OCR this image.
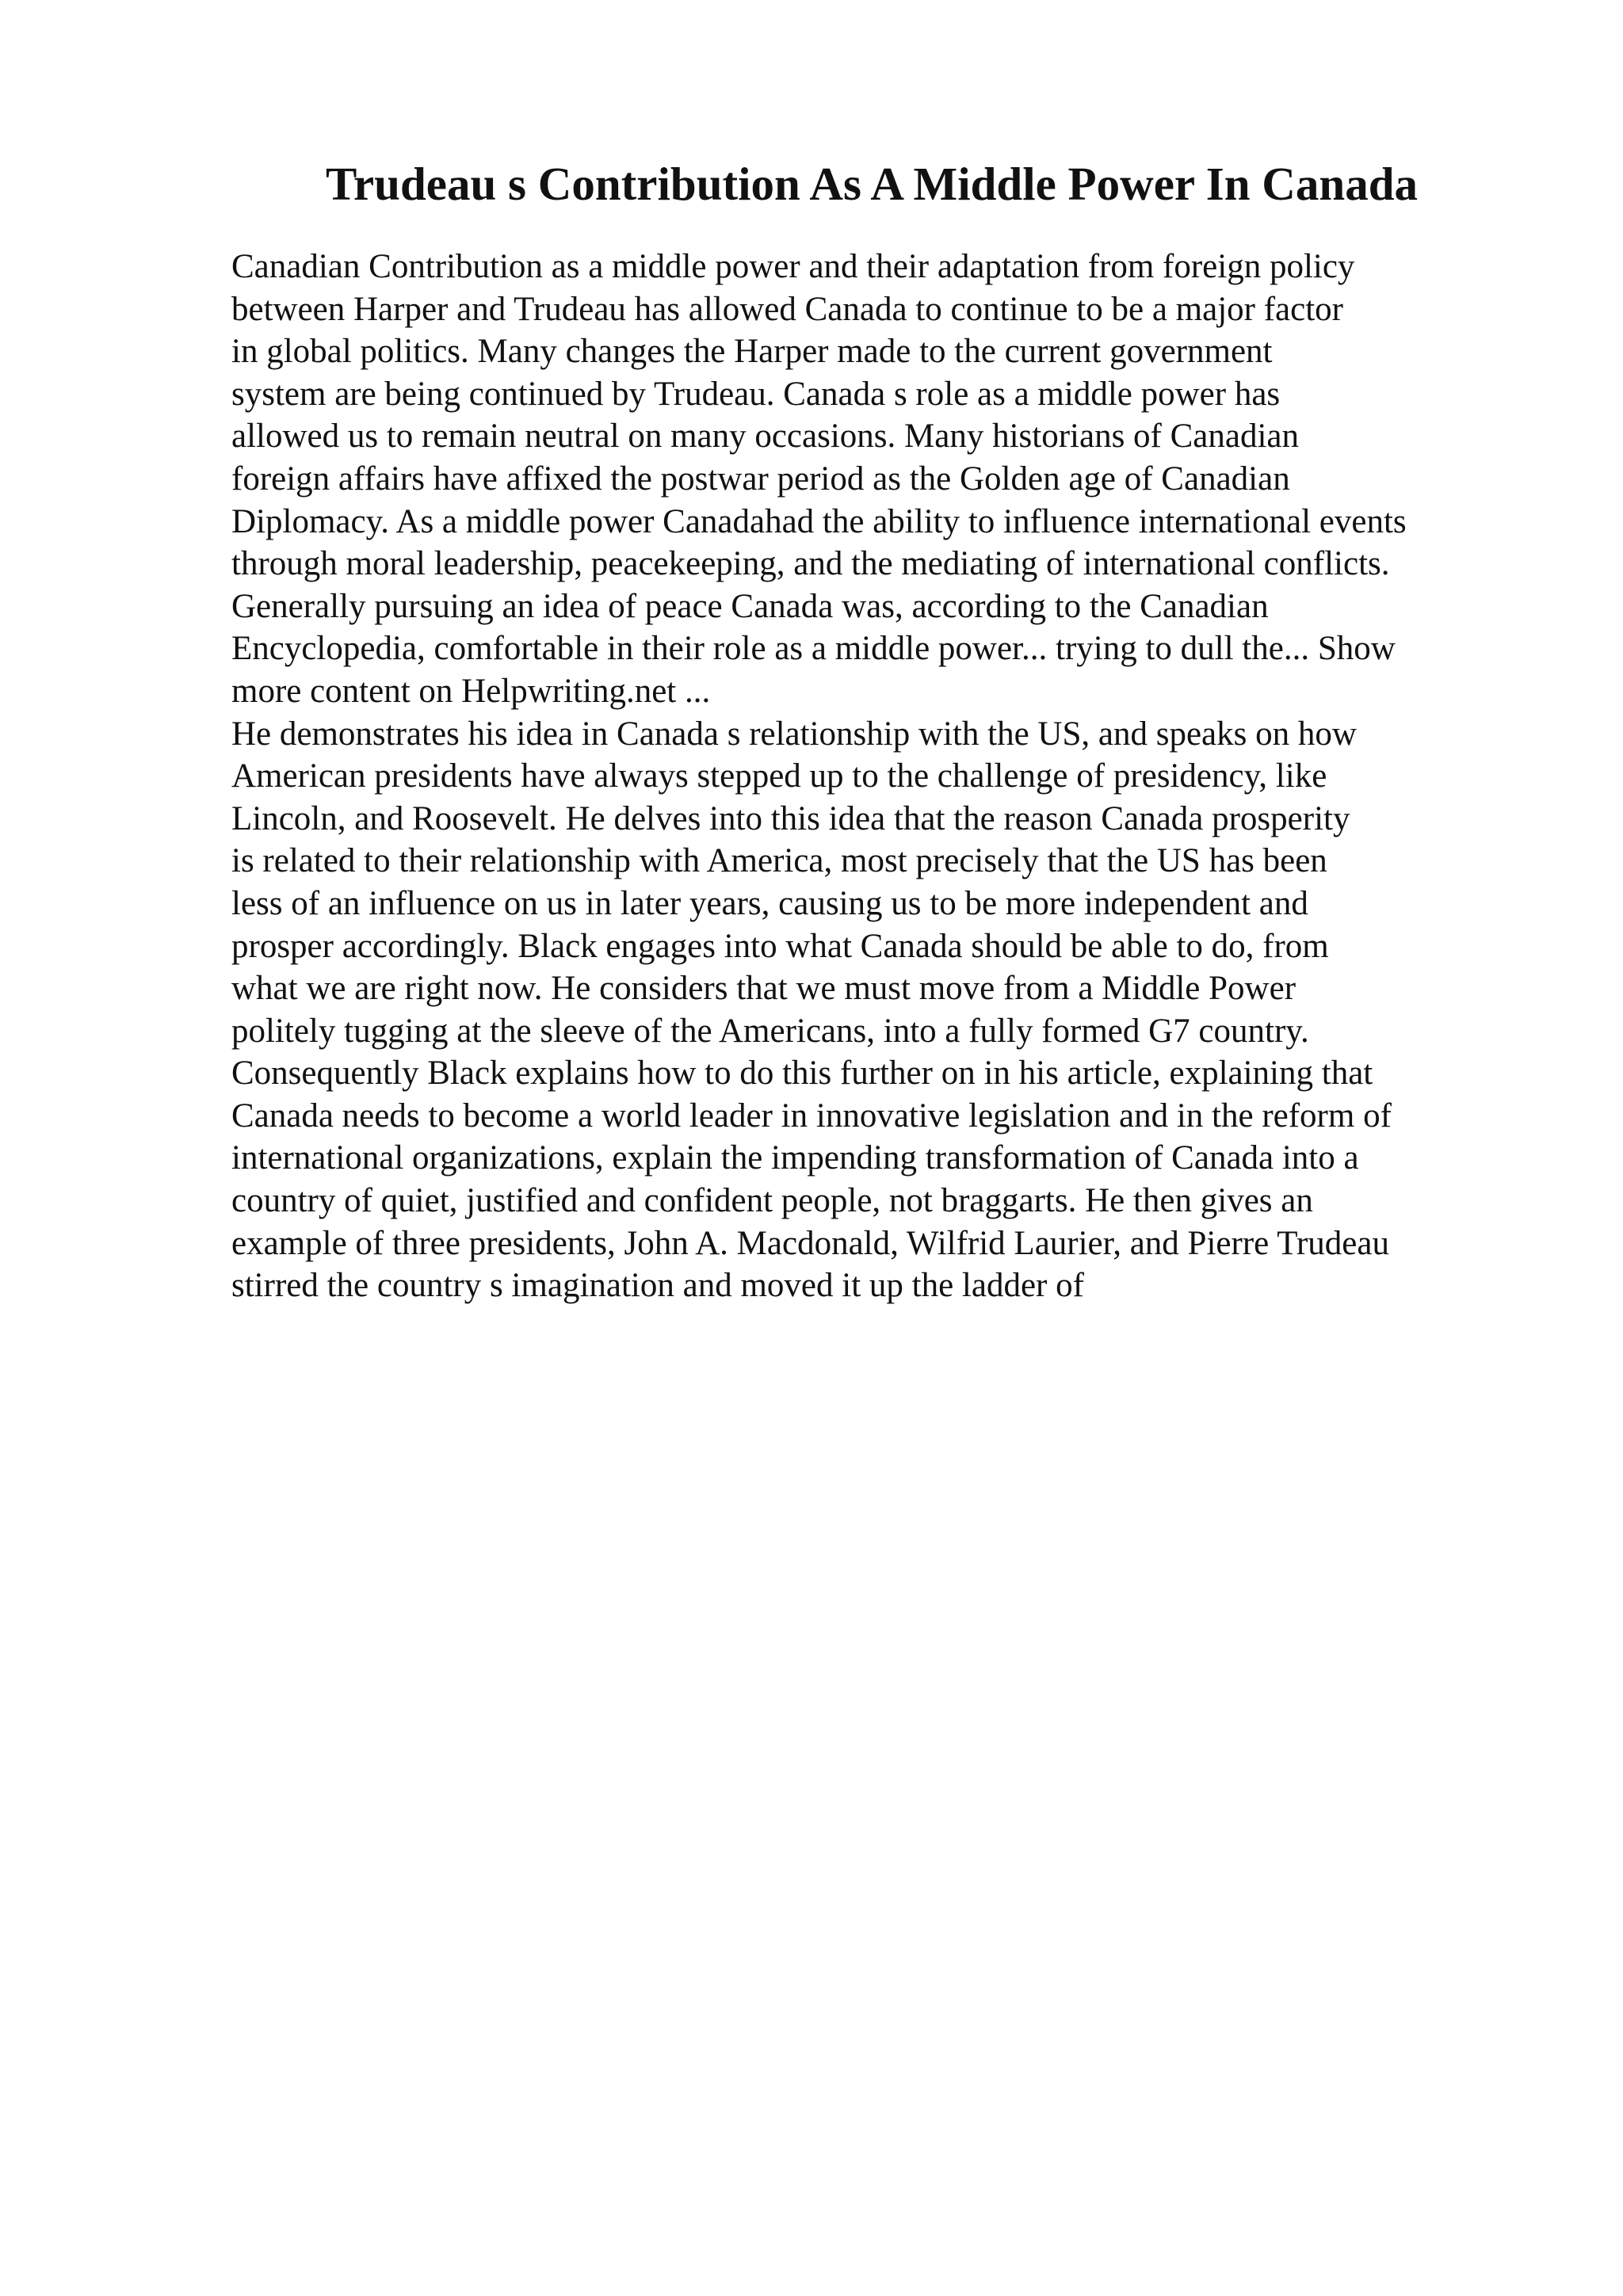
Trudeau s Contribution As A Middle Power In Canada
Canadian Contribution as a middle power and their adaptation from foreign policy
between Harper and Trudeau has allowed Canada to continue to be a major factor
in global politics. Many changes the Harper made to the current government
system are being continued by Trudeau. Canada s role as a middle power has
allowed us to remain neutral on many occasions. Many historians of Canadian
foreign affairs have affixed the postwar period as the Golden age of Canadian
Diplomacy. As a middle power Canadahad the ability to influence international events
through moral leadership, peacekeeping, and the mediating of international conflicts.
Generally pursuing an idea of peace Canada was, according to the Canadian
Encyclopedia, comfortable in their role as a middle power... trying to dull the... Show
more content on Helpwriting.net ...
He demonstrates his idea in Canada s relationship with the US, and speaks on how
American presidents have always stepped up to the challenge of presidency, like
Lincoln, and Roosevelt. He delves into this idea that the reason Canada prosperity
is related to their relationship with America, most precisely that the US has been
less of an influence on us in later years, causing us to be more independent and
prosper accordingly. Black engages into what Canada should be able to do, from
what we are right now. He considers that we must move from a Middle Power
politely tugging at the sleeve of the Americans, into a fully formed G7 country.
Consequently Black explains how to do this further on in his article, explaining that
Canada needs to become a world leader in innovative legislation and in the reform of
international organizations, explain the impending transformation of Canada into a
country of quiet, justified and confident people, not braggarts. He then gives an
example of three presidents, John A. Macdonald, Wilfrid Laurier, and Pierre Trudeau
stirred the country s imagination and moved it up the ladder of
